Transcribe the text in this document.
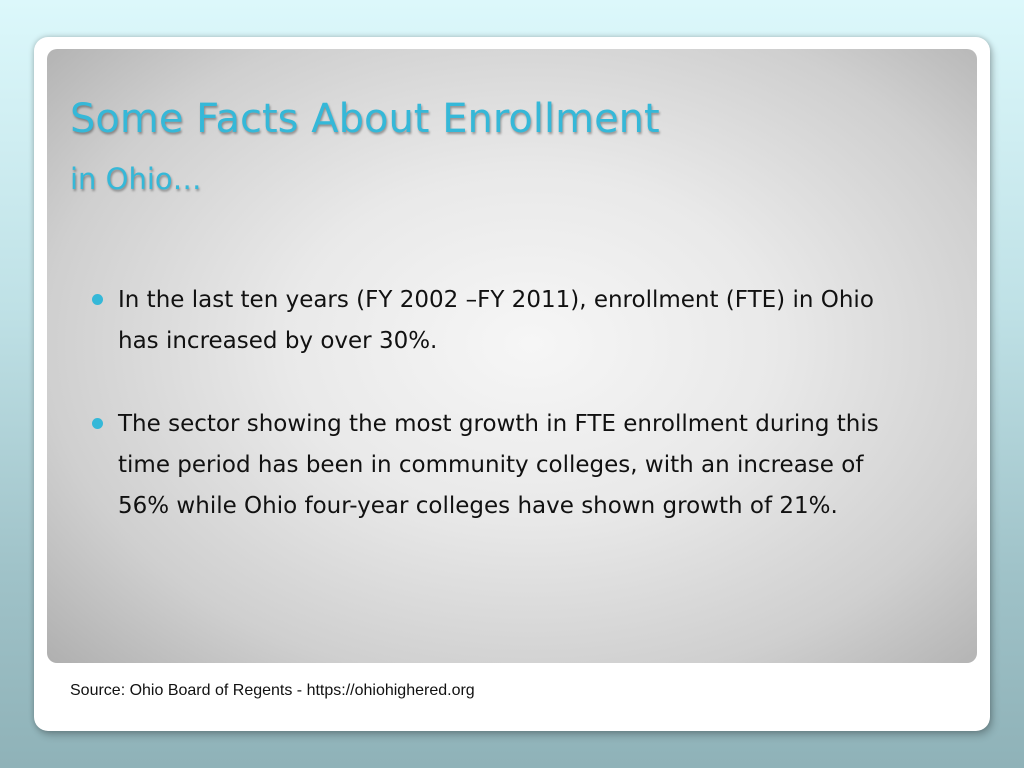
Some Facts About Enrollment
in Ohio…
In the last ten years (FY 2002 –FY 2011), enrollment (FTE) in Ohio has increased by over 30%.
The sector showing the most growth in FTE enrollment during this time period has been in community colleges, with an increase of 56% while Ohio four-year colleges have shown growth of 21%.
Source: Ohio Board of Regents - https://ohiohighered.org
